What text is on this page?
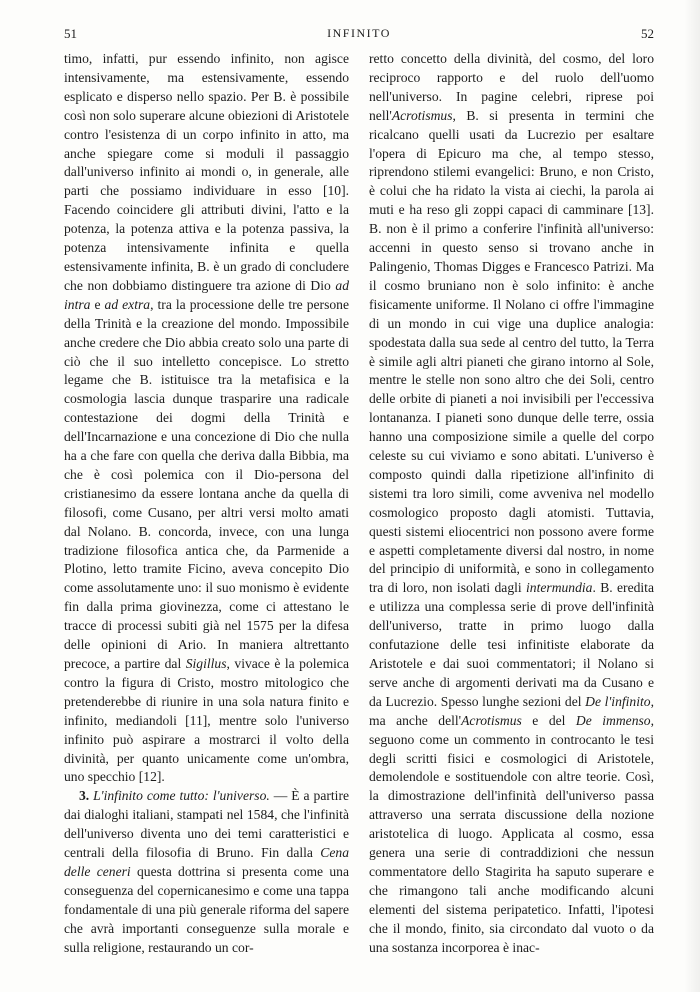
51	INFINITO	52

timo, infatti, pur essendo infinito, non agisce intensivamente, ma estensivamente, essendo esplicato e disperso nello spazio. Per B. è possibile così non solo superare alcune obiezioni di Aristotele contro l'esistenza di un corpo infinito in atto, ma anche spiegare come si moduli il passaggio dall'universo infinito ai mondi o, in generale, alle parti che possiamo individuare in esso [10]. Facendo coincidere gli attributi divini, l'atto e la potenza, la potenza attiva e la potenza passiva, la potenza intensivamente infinita e quella estensivamente infinita, B. è un grado di concludere che non dobbiamo distinguere tra azione di Dio ad intra e ad extra, tra la processione delle tre persone della Trinità e la creazione del mondo. Impossibile anche credere che Dio abbia creato solo una parte di ciò che il suo intelletto concepisce. Lo stretto legame che B. istituisce tra la metafisica e la cosmologia lascia dunque trasparire una radicale contestazione dei dogmi della Trinità e dell'Incarnazione e una concezione di Dio che nulla ha a che fare con quella che deriva dalla Bibbia, ma che è così polemica con il Dio-persona del cristianesimo da essere lontana anche da quella di filosofi, come Cusano, per altri versi molto amati dal Nolano. B. concorda, invece, con una lunga tradizione filosofica antica che, da Parmenide a Plotino, letto tramite Ficino, aveva concepito Dio come assolutamente uno: il suo monismo è evidente fin dalla prima giovinezza, come ci attestano le tracce di processi subiti già nel 1575 per la difesa delle opinioni di Ario. In maniera altrettanto precoce, a partire dal Sigillus, vivace è la polemica contro la figura di Cristo, mostro mitologico che pretenderebbe di riunire in una sola natura finito e infinito, mediandoli [11], mentre solo l'universo infinito può aspirare a mostrarci il volto della divinità, per quanto unicamente come un'ombra, uno specchio [12].

3. L'infinito come tutto: l'universo. — È a partire dai dialoghi italiani, stampati nel 1584, che l'infinità dell'universo diventa uno dei temi caratteristici e centrali della filosofia di Bruno. Fin dalla Cena delle ceneri questa dottrina si presenta come una conseguenza del copernicanesimo e come una tappa fondamentale di una più generale riforma del sapere che avrà importanti conseguenze sulla morale e sulla religione, restaurando un cor-

retto concetto della divinità, del cosmo, del loro reciproco rapporto e del ruolo dell'uomo nell'universo. In pagine celebri, riprese poi nell'Acrotismus, B. si presenta in termini che ricalcano quelli usati da Lucrezio per esaltare l'opera di Epicuro ma che, al tempo stesso, riprendono stilemi evangelici: Bruno, e non Cristo, è colui che ha ridato la vista ai ciechi, la parola ai muti e ha reso gli zoppi capaci di camminare [13]. B. non è il primo a conferire l'infinità all'universo: accenni in questo senso si trovano anche in Palingenio, Thomas Digges e Francesco Patrizi. Ma il cosmo bruniano non è solo infinito: è anche fisicamente uniforme. Il Nolano ci offre l'immagine di un mondo in cui vige una duplice analogia: spodestata dalla sua sede al centro del tutto, la Terra è simile agli altri pianeti che girano intorno al Sole, mentre le stelle non sono altro che dei Soli, centro delle orbite di pianeti a noi invisibili per l'eccessiva lontananza. I pianeti sono dunque delle terre, ossia hanno una composizione simile a quelle del corpo celeste su cui viviamo e sono abitati. L'universo è composto quindi dalla ripetizione all'infinito di sistemi tra loro simili, come avveniva nel modello cosmologico proposto dagli atomisti. Tuttavia, questi sistemi eliocentrici non possono avere forme e aspetti completamente diversi dal nostro, in nome del principio di uniformità, e sono in collegamento tra di loro, non isolati dagli intermundia. B. eredita e utilizza una complessa serie di prove dell'infinità dell'universo, tratte in primo luogo dalla confutazione delle tesi infinitiste elaborate da Aristotele e dai suoi commentatori; il Nolano si serve anche di argomenti derivati ma da Cusano e da Lucrezio. Spesso lunghe sezioni del De l'infinito, ma anche dell'Acrotismus e del De immenso, seguono come un commento in controcanto le tesi degli scritti fisici e cosmologici di Aristotele, demolendole e sostituendole con altre teorie. Così, la dimostrazione dell'infinità dell'universo passa attraverso una serrata discussione della nozione aristotelica di luogo. Applicata al cosmo, essa genera una serie di contraddizioni che nessun commentatore dello Stagirita ha saputo superare e che rimangono tali anche modificando alcuni elementi del sistema peripatetico. Infatti, l'ipotesi che il mondo, finito, sia circondato dal vuoto o da una sostanza incorporea è inac-
